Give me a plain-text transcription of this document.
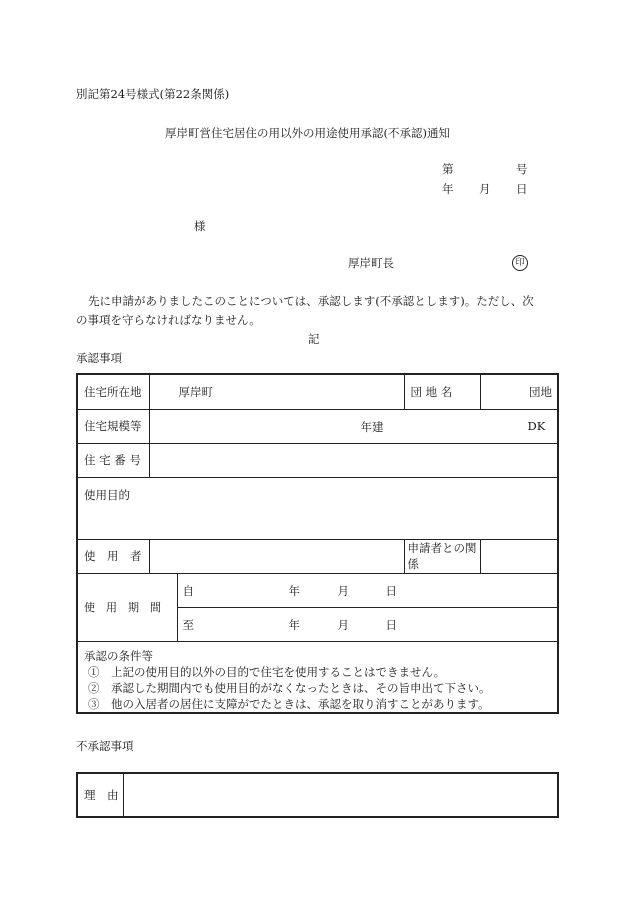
別記第24号様式(第22条関係)
厚岸町営住宅居住の用以外の用途使用承認(不承認)通知
第	号
年 月 日
様
厚岸町長	印
先に申請がありましたこのことについては、承認します(不承認とします)。ただし、次
の事項を守らなければなりません。
記
承認事項
住宅所在地	厚岸町		団 地 名	団地
住宅規模等	年建 DK			

住 宅 番 号				
使用目的				
使　用　者			申請者との関係	
使　用　期　間		自 年 月 日		

		至 年 月 日		

承認の条件等
①　上記の使用目的以外の目的で住宅を使用することはできません。
②　承認した期間内でも使用目的がなくなったときは、その旨申出て下さい。
③　他の入居者の居住に支障がでたときは、承認を取り消すことがあります。				
不承認事項
理　由	
